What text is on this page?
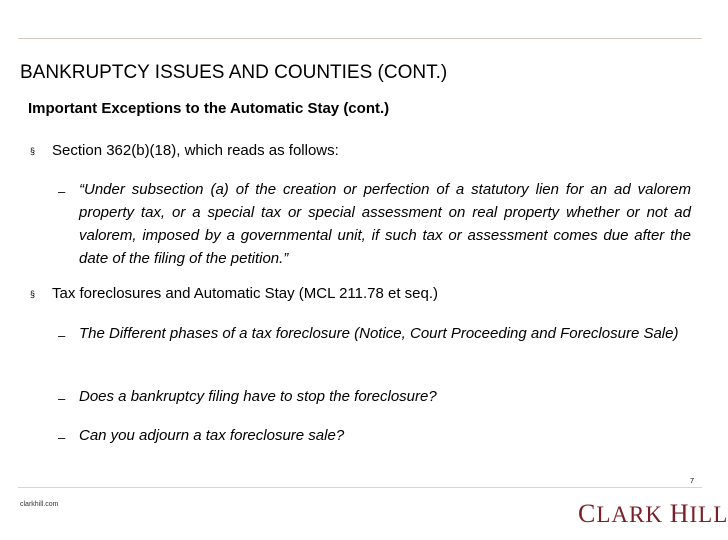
BANKRUPTCY ISSUES AND COUNTIES (CONT.)
Important Exceptions to the Automatic Stay (cont.)
§ Section 362(b)(18), which reads as follows:
– “Under subsection (a) of the creation or perfection of a statutory lien for an ad valorem property tax, or a special tax or special assessment on real property whether or not ad valorem, imposed by a governmental unit, if such tax or assessment comes due after the date of the filing of the petition.”
§ Tax foreclosures and Automatic Stay (MCL 211.78 et seq.)
– The Different phases of a tax foreclosure (Notice, Court Proceeding and Foreclosure Sale)
– Does a bankruptcy filing have to stop the foreclosure?
– Can you adjourn a tax foreclosure sale?
7
clarkhill.com	CLARK HILL
